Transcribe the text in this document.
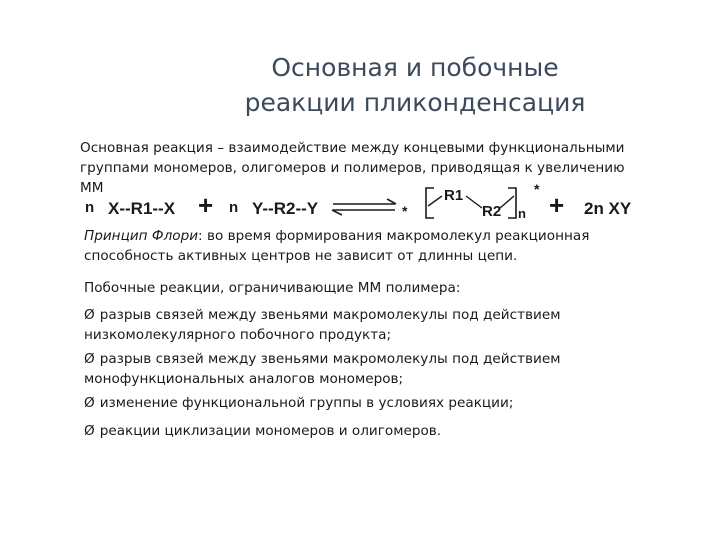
Основная и побочные
реакции пликонденсация
Основная реакция – взаимодействие между концевыми функциональными
группами мономеров, олигомеров и полимеров, приводящая к увеличению
ММ
n X--R1--X + n Y--R2--Y	*
R1
R2 n
*
+ 2n XY
Принцип Флори: во время формирования макромолекул реакционная
способность активных центров не зависит от длинны цепи.
Побочные реакции, ограничивающие ММ полимера:
Ø разрыв связей между звеньями макромолекулы под действием
низкомолекулярного побочного продукта;
Ø разрыв связей между звеньями макромолекулы под действием
монофункциональных аналогов мономеров;
Ø изменение функциональной группы в условиях реакции;
Ø реакции циклизации мономеров и олигомеров.
